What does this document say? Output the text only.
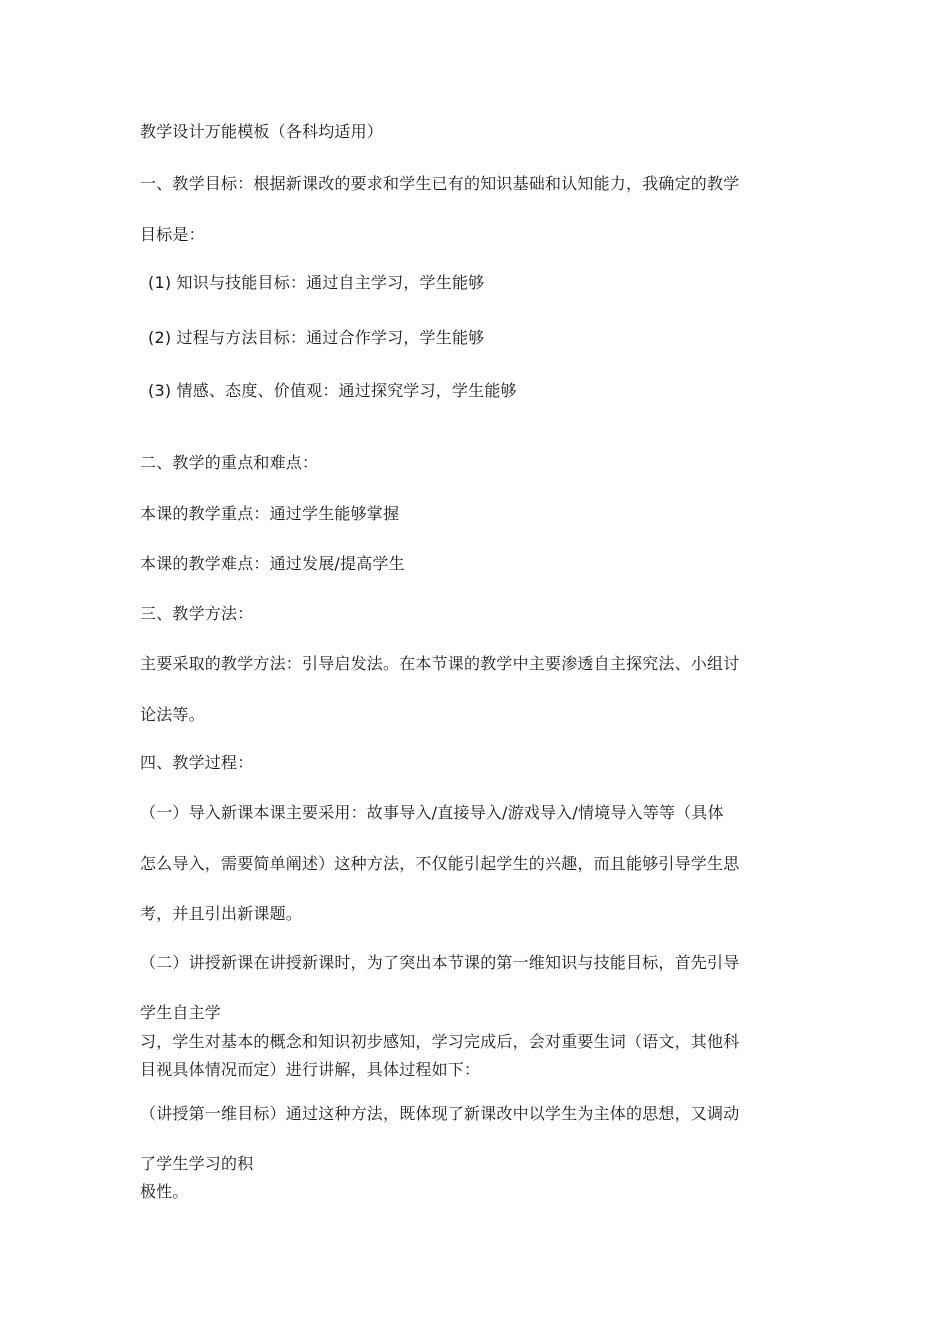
教学设计万能模板（各科均适用）
一、教学目标：根据新课改的要求和学生已有的知识基础和认知能力，我确定的教学
目标是：
(1) 知识与技能目标：通过自主学习，学生能够
(2) 过程与方法目标：通过合作学习，学生能够
(3) 情感、态度、价值观：通过探究学习，学生能够
二、教学的重点和难点：
本课的教学重点：通过学生能够掌握
本课的教学难点：通过发展/提高学生
三、教学方法：
主要采取的教学方法：引导启发法。在本节课的教学中主要渗透自主探究法、小组讨
论法等。
四、教学过程：
（一）导入新课本课主要采用：故事导入/直接导入/游戏导入/情境导入等等（具体
怎么导入，需要简单阐述）这种方法，不仅能引起学生的兴趣，而且能够引导学生思
考，并且引出新课题。
（二）讲授新课在讲授新课时，为了突出本节课的第一维知识与技能目标，首先引导
学生自主学
习，学生对基本的概念和知识初步感知，学习完成后，会对重要生词（语文，其他科
目视具体情况而定）进行讲解，具体过程如下：
（讲授第一维目标）通过这种方法，既体现了新课改中以学生为主体的思想，又调动
了学生学习的积
极性。
